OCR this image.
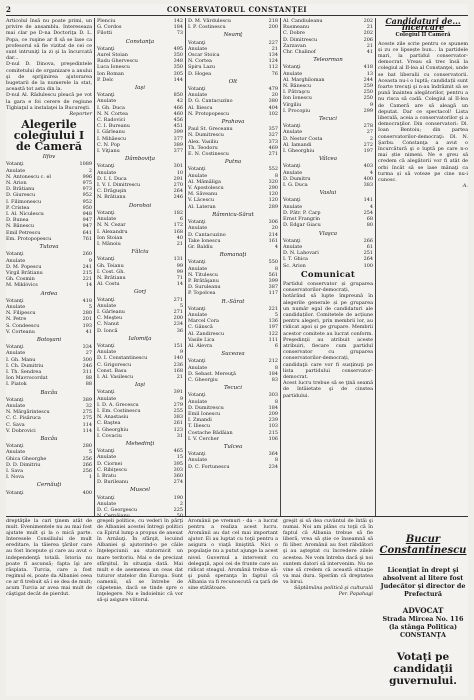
2	CONSERVATORUL CONSTANŢEI

Articolul însă nu poate primi, un privire de ansamblu. Intereseaza mai clar pe D-na Doctoriţa D. L. Popa, ce ruşine ar fi să se lase ca profesorul să fie vizitat de cei ce sunt intruniţi la zi şi la încurcată dar...

D-nul D. Dinova, preşedintele comitetului de organizare a anului şi de sprijinirea ajutorarea bugetarii de la numerele la stat, această tot asta din la.

D-nul Al. Rădulescu pleacă pe vot la gara e foi cerere de regiune Tigbiaţul a instalaţei la Bucureşti.

Reporter

Alegerile colegiului I de Cameră
Ilfov
Votanţi	1089
Anulate	2
N. Antonescu c. el	996
N. Arion	975
D. Brătianu	973
D. Giurescu	952
I. Filimonescu	952
P. Cristea	950
I. Al. Niculescu	948
D. Bunea	947
N. Bănescu	947
Emil Petrescu	641
Em. Protopopescu	761
Tutova
Votanţi	260
Anulate	9
D. M. Popescu	241
Virgil Brătianu	215
Gh. Cosmin	221
M. Miklóvics	14
Ardea
Votanţi	418
Anulate	5
N. Filipescu	280
N. Petre	201
S. Condeescu	193
V. Corteanu	41
Botoşani
Votanţi	334
Anulate	27
I. Gh. Manu	300
I. Ch. Dumitriu	246
I. Th. Sendrea	311
Ion Mavrocordat	88
I. Piatok	88
Bacău
Votanţi	389
Anulate	32
N. Mărgărintescu	275
C. C. Pisăruca	275
C. Sava	114
V. Dobrovici	114
Bacău
Votanţi	280
Anulate	5
Ghica Gheorghe	256
D. D. Dimitriu	266
I. Sava	256
I. Nova	1
Cernăuţi
Votanţi	400
Plenciu	142
G. Cordos	184
Filotti	73
Constanţa
Votanţi	495
Aurel Stoian	350
Radu Ghervescu	348
Luca Ionescu	350
Ion Roman	305
P. Delc	144
Iaşi
Votanţi	850
Anulate	42
I. Gh. Duca	466
N. N. Cortea	460
C. Radovici	456
C. I. Bureanu	451
I. Gârleanu	399
I. Mihăescu	377
C. N. Pop	389
I. Viţianu	377
Dâmboviţa
Votanţi	301
Anulate	10
D. I. I. Duca	291
I. V. I. Dimitrescu	270
C. Drăguşin	264
N. Brătianu	246
Dorohoi
Votanţi	182
Anulate	6
N. N. Cezar	172
I. Alexandru	168
Ion Stoian	40
I. Mănoiu	21
Fălciu
Votanţi	131
Gh. Teianu	99
I. Cost. Gh.	99
N. Brătianu	71
Al. Costu	14
Gorj
Votanţi	271
Anulate	5
I. Gârleanu	271
C. Meşteu	200
C. Nanut	234
D. Ioncă	36
Ialomiţa
Votanţi	151
Anulate	9
D. I. Constantinescu	140
C. Grigorescu	236
Const. Basu	168
I. Al. Vasilescu	21
Iaşi
Votanţi	391
Anulate	9
I. D. A. Grecescu	279
I. Em. Costinescu	255
N. Anastasiu	383
C. Baştea	261
I. Gheorghiu	123
I. Covaciu	31
Mehedinţi
Votanţi	465
Anulate	15
D. Ciornei	395
C. Ribiţescu	303
I. Bratu	360
D. Burileanu	274
Muscel
Votanţi	190
Anulate	2
D. C. Georgescu	225
N. Cernăianu	50
D. M. Vărdulescu	218
I. P. Costinescu	200
Neamţ
Votanţi	227
Anulate	21
Oscar Stoica	134
N. Cortea	124
Spiru Lazu	112
D. Hogea	76
Olt
Votanţi	479
Anulate	20
D. G. Cantacuzino	380
Al. Iliescu	404
N. Protopopescu	102
Prahova
Paul St. Greceanu	357
N. Dumitrescu	327
Alex. Vasiliu	373
Th. Teodoru	469
E. N. Costinescu	271
Putna
Votanţi	552
Anulate	8
Al. Mămăliga	320
V. Apostolescu	290
M. Săveanu	120
V. Lăcescu	120
Al. Lateran	289
Râmnicu-Sărat
Votanţi	306
Anulate	20
D. Cantacuzino	214
Take Ionescu	161
Gr. Baldiu	4
Romanaţi
Votanţi	550
Anulate	8
N. Titulescu	561
P. Brătăşanu	399
D. Suruleanu	387
P. Topolcea	117
R.-Sărat
Votanţi	221
Anulate	5
Marcel Cora	136
C. Gânscă	197
Al. Zandirescu	122
Vasile Lica	111
Al. Alevra	6
Suceava
Votanţi	212
Anulate	8
D. Sebast. Mereuţă	184
C. Gheorgiu	83
Tecuci
Votanţi	303
Anulate	8
D. Dumitrescu	184
Emil Ionescu	209
I. Zmandi	239
T. Iliescu	103
Costache Bădăian	215
I. V. Cercher	106
Tulcea
Votanţi	364
Anulate	8
D. C. Fortunescu	234
Al. Candiuleanu	202
Rusmeanu	21
C. Dobre	202
D. Dimitrescu	206
Zarzavan	21
Chr. Chalinof	41
Teleorman
Votanţi	418
Anulate	13
Al. Marghiloman	244
N. Bănescu	259
I. Pătraşcu	250
Ion Ionescu	250
Virgiliu	9
I. Procopiu	299
Tecuci
Votanţi	278
Anulate	27
D. Nestor Costa	2
Al. Iamandi	272
I. Gheorghiu	197
Vâlcea
Votanţi	403
Anulate	4
D. Dumitru	400
I. G. Duca	383
Vaslui
Votanţi	141
Anulate	4
D. Pătr. P. Carp	254
Ernst Frangrin	68
D. Edgar Giacu	80
Vlaşca
Votanţi	266
Anulate	61
D. N. Lahovari	251
I. T. Ghica	264
Sc. Arion	100
Comunicat

Partidul conservator și gruparea conservatorilor-democrați, hotărând să lupte împreună în alegerile generale și pe gruparea un număr egal de candidaturi ale candidaților. Comitetele de acțiune pentru alegeri, prin membrii lor, au ridicat apoi și pe grupare. Membrii acestor comitete au lucrat conform. Preşedinţii au atribuit aceste atribuiri, fiecare cum partidul conservator cu gruparea conservatorilor-democrați, candidaţii care vor fi susţinuţi pe lista partidului conservator-democrat.

Acest lucru trebue să se ţină seamă de întâietate şi de cinstea partidului.

Candidaturi de... încercare
Colegiul II Cameră

Aceste zile scrie pentru ce spunem și zu ce lipsește bun... la partidele mari, la partidul conservator-democrat. Vreau să trec însă la colegiul al II-lea al Constanţei, unde se bat liberalii cu conservatorii. Aceasta nu-i o luptă; candidații sunt foarte trecuţi şi n-au îndrăznit să se pună înaintea alegătorilor, pentru a nu risca să cadă. Colegiul al II-lea de Cameră are să aleagă un deputat. Dar ce spectacol! Lista liberală, aceia a conservatorilor şi a democraţilor. Din conservatori: Dl. Ioan Bentoiu; din partea conservatorilor-democraţi: Dl. N. Şarbu. Constanţa a avut o încurcătură şi o luptă pe care n-o mai știe nimeni. Ne e greu să credem că alegătorii vor fi atât de orbi încât să se lase mânaţi ca turma și să voteze pe cine nu-i cunosc.

A.

dreptăţile la cari ţinem atât de mult. Evenimentele nu au mai fost ajutate mult şi la o mică parte. Interesele Consiliului de mult ereditare, la tăierea ţărilor care au fost începute şi care au avut o independenţă totală. Istoria nu poate fi ascunsă; fapta îşi are răsplata. Turcia, care a fost regimul ei, poate da Albaniei ceea ce ar fi trebuit să i se dea de mult; acum Turcia ar avea mai mult de câştigat decât de pierdut.

greşeli politice, cu vederi în părţi de Albaniei acestei întregi politici ca Epirul lump a propus de anexat în Arnăuţi. În sfârşit, locuind Albaniei şi ajutorind-o pe căile înţelepciunii au statornicit un mare teritoriu. Mai e de precizat sfârşitul, în situaţia dată. Mai mult e de asemenea un ceas dat tuturor statelor din Europa. Sunt oamenii, să se întrebe de căpetenie, dacă se tinde spre o înţelegere. Nu e îndoielnic că vor să-şi asigure viitorul.

Aromânii pe vremuri - da - a lucrat pentru a realiza acest lucru. Aromânii au dat cel mai important ajutor. Ei au luptat cu toţii pentru a asigura o viaţă liniştită. Nici o populaţie nu a putut ajunge la acest nivel. Guvernul a intervenit cu delegaţii, apoi cei de frunte care au ridicat steagul. Aromânii trebue să-şi pună speranţa în faptul că Albania va fi recunoscută ca ţară de sine stătătoare.

greşit și să dea cuvântul de întâi şi numai. Noi am plâns cu toţii că în faptul că Albania trebue să fie liberă, vrea să ştie ce înseamnă să fii liber. Aromânii au fost răbdători şi au aşteptat cu încredere zilele acestea. Ne vom întreba dacă şi noi suntem datori să intervenim. Nu ne vine să credem că această situaţie va mai dura. Sperăm că dreptatea va birui.

Săptămâna politică şi culturală

Per. Papahagi

Bucur Constantinescu
Licenţiat în drept şi absolvent al litere fost
Judecător şi director de Prefectură
ADVOCAT
Strada Mircea No. 116 (la stânga Politica) CONSTANŢA
Votaţi pe candidaţii guvernului.
